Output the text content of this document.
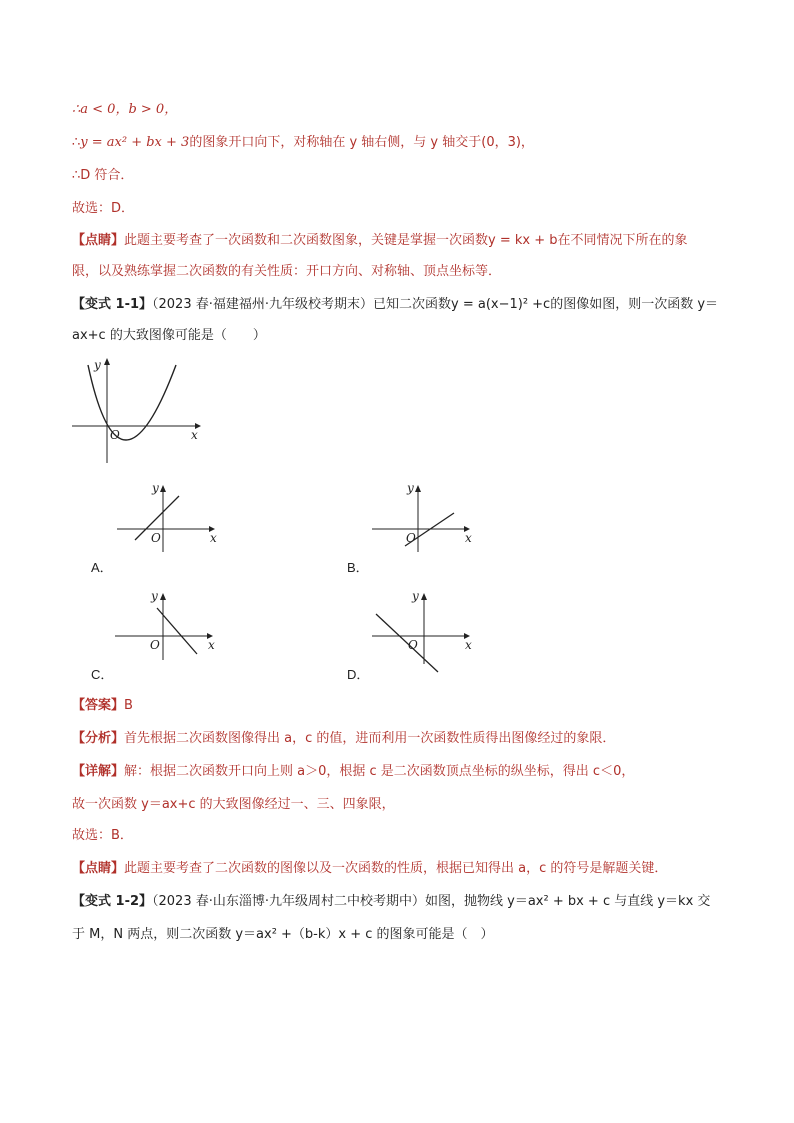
∴a < 0，b > 0，
∴y = ax² + bx + 3的图象开口向下，对称轴在 y 轴右侧，与 y 轴交于(0，3)，
∴D 符合．
故选：D．
【点睛】此题主要考查了一次函数和二次函数图象，关键是掌握一次函数y = kx + b在不同情况下所在的象
限，以及熟练掌握二次函数的有关性质：开口方向、对称轴、顶点坐标等．
【变式 1-1】（2023 春·福建福州·九年级校考期末）已知二次函数y = a(x−1)² +c的图像如图，则一次函数 y＝
ax+c 的大致图像可能是（　　）
y
x
O
y
x
O
A．
y
x
O
B．
y
x
O
C．
y
x
O
D．
【答案】B
【分析】首先根据二次函数图像得出 a，c 的值，进而利用一次函数性质得出图像经过的象限．
【详解】解：根据二次函数开口向上则 a＞0，根据 c 是二次函数顶点坐标的纵坐标，得出 c＜0，
故一次函数 y＝ax+c 的大致图像经过一、三、四象限，
故选：B．
【点睛】此题主要考查了二次函数的图像以及一次函数的性质，根据已知得出 a，c 的符号是解题关键．
【变式 1-2】（2023 春·山东淄博·九年级周村二中校考期中）如图，抛物线 y＝ax² + bx + c 与直线 y＝kx 交
于 M，N 两点，则二次函数 y＝ax² +（b-k）x + c 的图象可能是（　）
